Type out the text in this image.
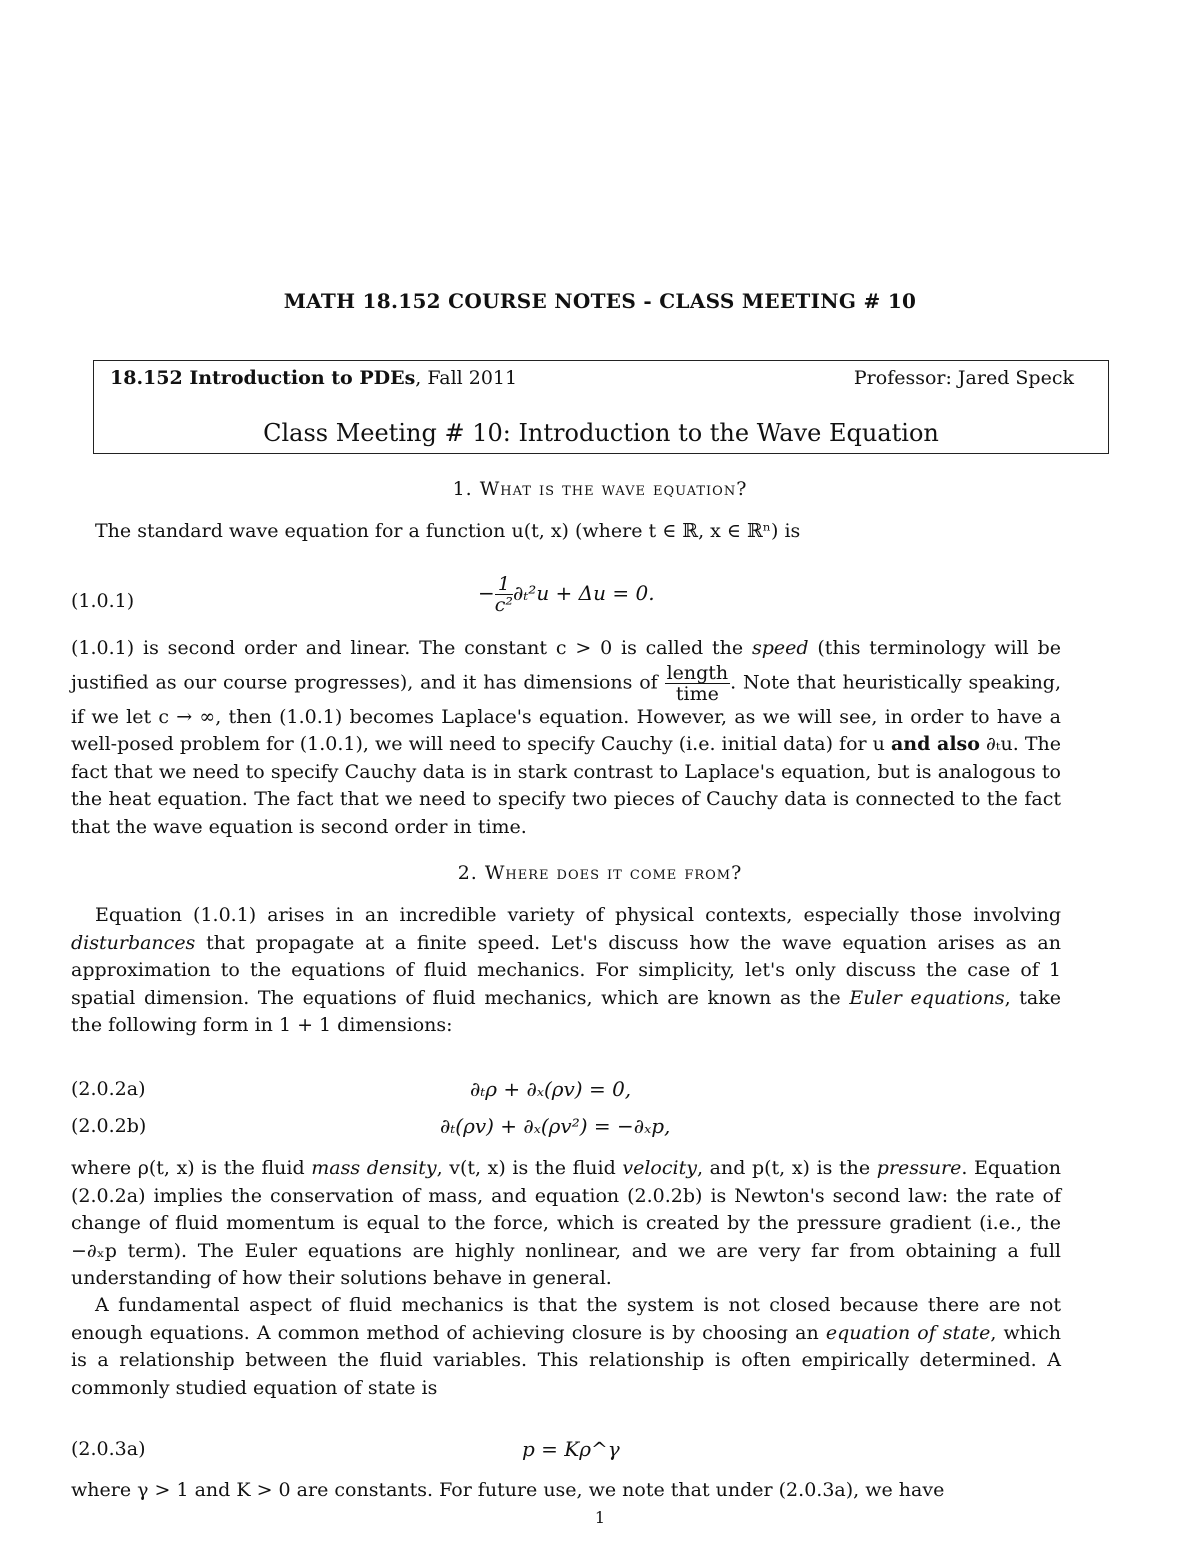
MATH 18.152 COURSE NOTES - CLASS MEETING # 10
18.152 Introduction to PDEs, Fall 2011	Professor: Jared Speck
Class Meeting # 10: Introduction to the Wave Equation
1. What is the wave equation?

The standard wave equation for a function u(t, x) (where t ∈ ℝ, x ∈ ℝⁿ) is

(1.0.1)	− $\frac{1}{\text{c²}} \partial_t^2u + \Delta u = 0$.

(1.0.1) is second order and linear. The constant c > 0 is called the speed (this terminology will be justified as our course progresses), and it has dimensions of $\frac{\text{length}}{\text{time}}$ . Note that heuristically speaking, if we let c → ∞, then (1.0.1) becomes Laplace's equation. However, as we will see, in order to have a well-posed problem for (1.0.1), we will need to specify Cauchy (i.e. initial data) for u and also ∂ₜu. The fact that we need to specify Cauchy data is in stark contrast to Laplace's equation, but is analogous to the heat equation. The fact that we need to specify two pieces of Cauchy data is connected to the fact that the wave equation is second order in time.

2. Where does it come from?

Equation (1.0.1) arises in an incredible variety of physical contexts, especially those involving disturbances that propagate at a finite speed. Let's discuss how the wave equation arises as an approximation to the equations of fluid mechanics. For simplicity, let's only discuss the case of 1 spatial dimension. The equations of fluid mechanics, which are known as the Euler equations, take the following form in 1 + 1 dimensions:

(2.0.2a)	∂ₜρ + ∂ₓ(ρv) = 0,
(2.0.2b)	∂ₜ(ρv) + ∂ₓ(ρv²) = −∂ₓp,

where ρ(t, x) is the fluid mass density, v(t, x) is the fluid velocity, and p(t, x) is the pressure. Equation (2.0.2a) implies the conservation of mass, and equation (2.0.2b) is Newton's second law: the rate of change of fluid momentum is equal to the force, which is created by the pressure gradient (i.e., the −∂ₓp term). The Euler equations are highly nonlinear, and we are very far from obtaining a full understanding of how their solutions behave in general.

A fundamental aspect of fluid mechanics is that the system is not closed because there are not enough equations. A common method of achieving closure is by choosing an equation of state, which is a relationship between the fluid variables. This relationship is often empirically determined. A commonly studied equation of state is

(2.0.3a)	p = Kρ^γ

where γ > 1 and K > 0 are constants. For future use, we note that under (2.0.3a), we have

1
